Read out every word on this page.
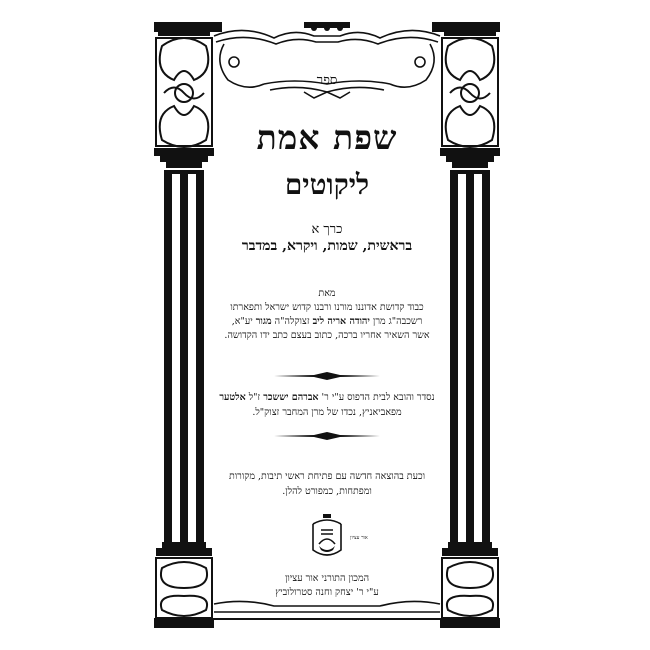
ספר
שפת אמת
ליקוטים
כרך א
בראשית, שמות, ויקרא, במדבר
מאת
כבוד קדושת אדוננו מורנו ורבנו קדוש ישראל ותפארתו
רשכבה"ג מרן יהודה אריה ליב זצוקלה"ה מגור יע"א,
אשר השאיר אחריו ברכה, כתוב בעצם כתב ידו הקדושה.
נסדר והובא לבית הדפוס ע"י ר' אברהם יששכר ז"ל אלטער
מפאביאניץ, נכדו של מרן המחבר זצוק"ל.
וכעת בהוצאה חדשה עם פתיחת ראשי תיבות, מקורות
ומפתחות, כמפורט להלן.
אור עציון
המכון התורני אור עציון
ע"י ר' יצחק וחנה סטרולוביץ
